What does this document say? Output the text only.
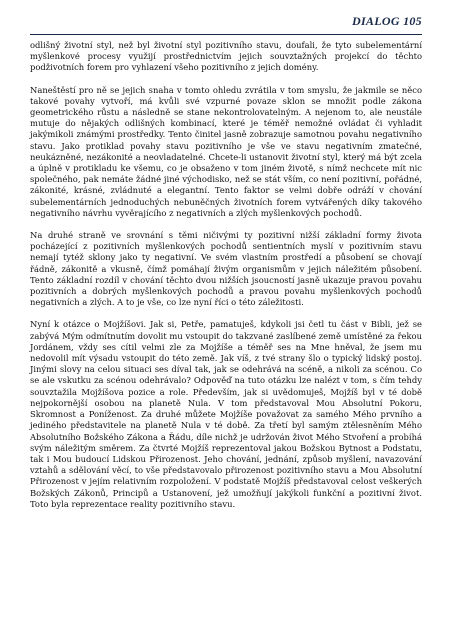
DIALOG 105

odlišný životní styl, než byl životní styl pozitivního stavu, doufali, že tyto subelementární myšlenkové procesy využijí prostřednictvím jejich souvztažných projekcí do těchto podživotních forem pro vyhlazení všeho pozitivního z jejich domény.

Naneštěstí pro ně se jejich snaha v tomto ohledu zvrátila v tom smyslu, že jakmile se něco takové povahy vytvoří, má kvůli své vzpurné povaze sklon se množit podle zákona geometrického růstu a následně se stane nekontrolovatelným. A nejenom to, ale neustále mutuje do nějakých odlišných kombinací, které je téměř nemožné ovládat či vyhladit jakýmikoli známými prostředky. Tento činitel jasně zobrazuje samotnou povahu negativního stavu. Jako protiklad povahy stavu pozitivního je vše ve stavu negativním zmatečné, neukázněné, nezákonité a neovladatelné. Chcete-li ustanovit životní styl, který má být zcela a úplně v protikladu ke všemu, co je obsaženo v tom jiném životě, s nímž nechcete mít nic společného, pak nemáte žádné jiné východisko, než se stát vším, co není pozitivní, pořádné, zákonité, krásné, zvládnuté a elegantní. Tento faktor se velmi dobře odráží v chování subelementárních jednoduchých nebuněčných životních forem vytvářených díky takového negativního návrhu vyvěrajícího z negativních a zlých myšlenkových pochodů.

Na druhé straně ve srovnání s těmi ničivými ty pozitivní nižší základní formy života pocházející z pozitivních myšlenkových pochodů sentientních myslí v pozitivním stavu nemají tytéž sklony jako ty negativní. Ve svém vlastním prostředí a působení se chovají řádně, zákonitě a vkusně, čímž pomáhají živým organismům v jejich náležitém působení. Tento základní rozdíl v chování těchto dvou nižších jsoucností jasně ukazuje pravou povahu pozitivních a dobrých myšlenkových pochodů a pravou povahu myšlenkových pochodů negativních a zlých. A to je vše, co lze nyní říci o této záležitosti.

Nyní k otázce o Mojžíšovi. Jak si, Petře, pamatuješ, kdykoli jsi četl tu část v Bibli, jež se zabývá Mým odmítnutím dovolit mu vstoupit do takzvané zaslíbené země umístěné za řekou Jordánem, vždy ses cítil velmi zle za Mojžíše a téměř ses na Mne hněval, že jsem mu nedovolil mít výsadu vstoupit do této země. Jak víš, z tvé strany šlo o typický lidský postoj. Jinými slovy na celou situaci ses díval tak, jak se odehrává na scéně, a nikoli za scénou. Co se ale vskutku za scénou odehrávalo? Odpověď na tuto otázku lze nalézt v tom, s čím tehdy souvztažila Mojžíšova pozice a role. Především, jak si uvědomuješ, Mojžíš byl v té době nejpokornější osobou na planetě Nula. V tom představoval Mou Absolutní Pokoru, Skromnost a Poníženost. Za druhé můžete Mojžíše považovat za samého Mého prvního a jediného představitele na planetě Nula v té době. Za třetí byl samým ztělesněním Mého Absolutního Božského Zákona a Řádu, díle nichž je udržován život Mého Stvoření a probíhá svým náležitým směrem. Za čtvrté Mojžíš reprezentoval jakou Božskou Bytnost a Podstatu, tak i Mou budoucí Lidskou Přirozenost. Jeho chování, jednání, způsob myšlení, navazování vztahů a sdělování věcí, to vše představovalo přirozenost pozitivního stavu a Mou Absolutní Přirozenost v jejím relativním rozpoložení. V podstatě Mojžíš představoval celost veškerých Božských Zákonů, Principů a Ustanovení, jež umožňují jakýkoli funkční a pozitivní život. Toto byla reprezentace reality pozitivního stavu.
